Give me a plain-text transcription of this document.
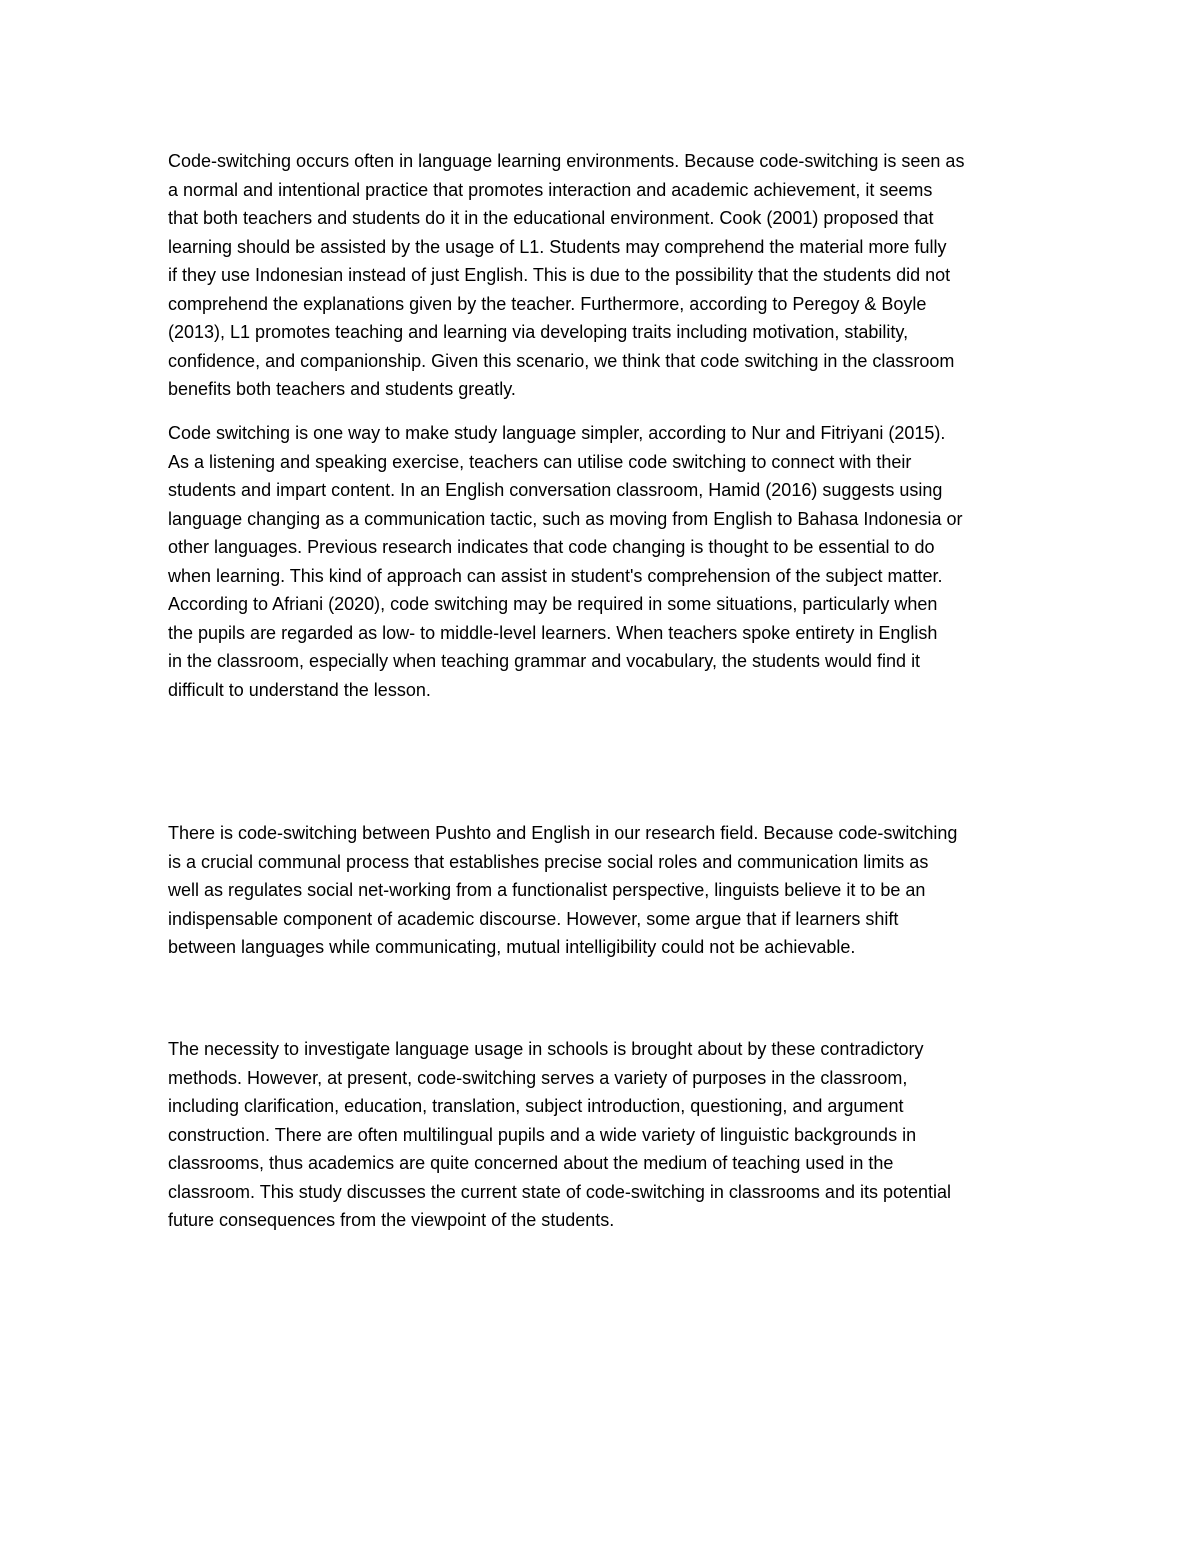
Code-switching occurs often in language learning environments. Because code-switching is seen as
a normal and intentional practice that promotes interaction and academic achievement, it seems
that both teachers and students do it in the educational environment. Cook (2001) proposed that
learning should be assisted by the usage of L1. Students may comprehend the material more fully
if they use Indonesian instead of just English. This is due to the possibility that the students did not
comprehend the explanations given by the teacher. Furthermore, according to Peregoy & Boyle
(2013), L1 promotes teaching and learning via developing traits including motivation, stability,
confidence, and companionship. Given this scenario, we think that code switching in the classroom
benefits both teachers and students greatly.

Code switching is one way to make study language simpler, according to Nur and Fitriyani (2015).
As a listening and speaking exercise, teachers can utilise code switching to connect with their
students and impart content. In an English conversation classroom, Hamid (2016) suggests using
language changing as a communication tactic, such as moving from English to Bahasa Indonesia or
other languages. Previous research indicates that code changing is thought to be essential to do
when learning. This kind of approach can assist in student's comprehension of the subject matter.
According to Afriani (2020), code switching may be required in some situations, particularly when
the pupils are regarded as low- to middle-level learners. When teachers spoke entirety in English
in the classroom, especially when teaching grammar and vocabulary, the students would find it
difficult to understand the lesson.

There is code-switching between Pushto and English in our research field. Because code-switching
is a crucial communal process that establishes precise social roles and communication limits as
well as regulates social net-working from a functionalist perspective, linguists believe it to be an
indispensable component of academic discourse. However, some argue that if learners shift
between languages while communicating, mutual intelligibility could not be achievable.

The necessity to investigate language usage in schools is brought about by these contradictory
methods. However, at present, code-switching serves a variety of purposes in the classroom,
including clarification, education, translation, subject introduction, questioning, and argument
construction. There are often multilingual pupils and a wide variety of linguistic backgrounds in
classrooms, thus academics are quite concerned about the medium of teaching used in the
classroom. This study discusses the current state of code-switching in classrooms and its potential
future consequences from the viewpoint of the students.
